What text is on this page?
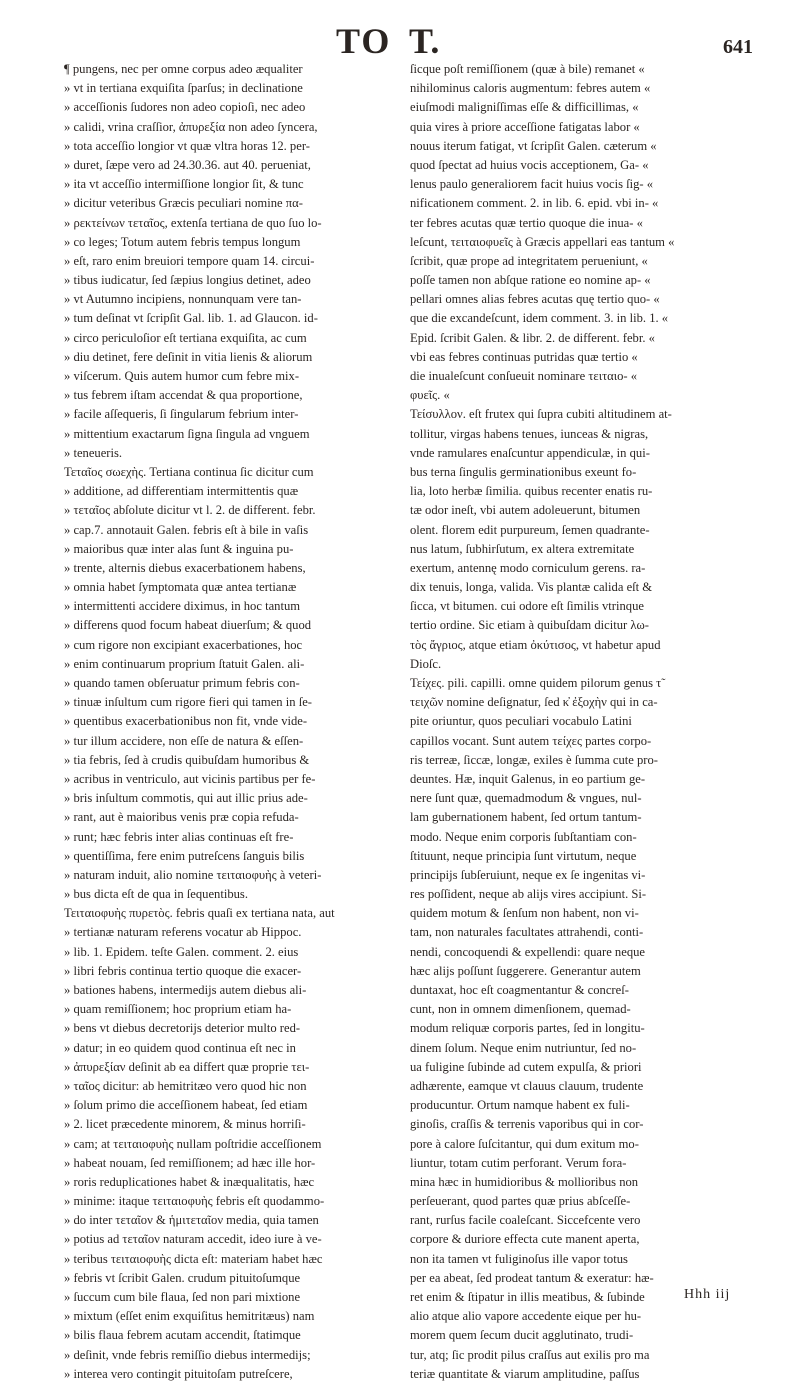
TO T.	641
¶ pungens, nec per omne corpus adeo æqualiter
» vt in tertiana exquiſita ſparſus; in declinatione
» acceſſionis ſudores non adeo copioſi, nec adeo
» calidi, vrina craſſior, ἀπυρεξία non adeo ſyncera,
» tota acceſſio longior vt quæ vltra horas 12. per-
» duret, ſæpe vero ad 24.30.36. aut 40. perueniat,
» ita vt acceſſio intermiſſione longior ſit, & tunc
» dicitur veteribus Græcis peculiari nomine πα-
» ρεκτείνων τεταῖος, extenſa tertiana de quo ſuo lo-
» co leges; Totum autem febris tempus longum
» eſt, raro enim breuiori tempore quam 14. circui-
» tibus iudicatur, ſed ſæpius longius detinet, adeo
» vt Autumno incipiens, nonnunquam vere tan-
» tum deſinat vt ſcripſit Gal. lib. 1. ad Glaucon. id-
» circo periculoſior eſt tertiana exquiſita, ac cum
» diu detinet, fere deſinit in vitia lienis & aliorum
» viſcerum. Quis autem humor cum febre mix-
» tus febrem iſtam accendat & qua proportione,
» facile aſſequeris, ſi ſingularum febrium inter-
» mittentium exactarum ſigna ſingula ad vnguem
» teneueris.
Τεταῖος σωεχὴς. Tertiana continua ſic dicitur cum
» additione, ad differentiam intermittentis quæ
» τεταῖος abſolute dicitur vt l. 2. de different. febr.
» cap.7. annotauit Galen. febris eſt à bile in vaſis
» maioribus quæ inter alas ſunt & inguina pu-
» trente, alternis diebus exacerbationem habens,
» omnia habet ſymptomata quæ antea tertianæ
» intermittenti accidere diximus, in hoc tantum
» differens quod focum habeat diuerſum; & quod
» cum rigore non excipiant exacerbationes, hoc
» enim continuarum proprium ſtatuit Galen. ali-
» quando tamen obſeruatur primum febris con-
» tinuæ inſultum cum rigore fieri qui tamen in ſe-
» quentibus exacerbationibus non fit, vnde vide-
» tur illum accidere, non eſſe de natura & eſſen-
» tia febris, ſed à crudis quibuſdam humoribus &
» acribus in ventriculo, aut vicinis partibus per fe-
» bris inſultum commotis, qui aut illic prius ade-
» rant, aut è maioribus venis præ copia refuda-
» runt; hæc febris inter alias continuas eſt fre-
» quentiſſima, fere enim putreſcens ſanguis bilis
» naturam induit, alio nomine τειταιοφυὴς à veteri-
» bus dicta eſt de qua in ſequentibus.
Τειταιοφυὴς πυρετὸς. febris quaſi ex tertiana nata, aut
» tertianæ naturam referens vocatur ab Hippoc.
» lib. 1. Epidem. teſte Galen. comment. 2. eius
» libri febris continua tertio quoque die exacer-
» bationes habens, intermedijs autem diebus ali-
» quam remiſſionem; hoc proprium etiam ha-
» bens vt diebus decretorijs deterior multo red-
» datur; in eo quidem quod continua eſt nec in
» ἀπυρεξίαν deſinit ab ea differt quæ proprie τει-
» ταῖος dicitur: ab hemitritæo vero quod hic non
» ſolum primo die acceſſionem habeat, ſed etiam
» 2. licet præcedente minorem, & minus horriſi-
» cam; at τειταιοφυὴς nullam poſtridie acceſſionem
» habeat nouam, ſed remiſſionem; ad hæc ille hor-
» roris reduplicationes habet & inæqualitatis, hæc
» minime: itaque τειταιοφυὴς febris eſt quodammo-
» do inter τεταῖον & ἡμιτεταῖον media, quia tamen
» potius ad τεταῖον naturam accedit, ideo iure à ve-
» teribus τειταιοφυὴς dicta eſt: materiam habet hæc
» febris vt ſcribit Galen. crudum pituitoſumque
» ſuccum cum bile flaua, ſed non pari mixtione
» mixtum (eſſet enim exquiſitus hemitritæus) nam
» bilis flaua febrem acutam accendit, ſtatimque
» deſinit, vnde febris remiſſio diebus intermedijs;
» interea vero contingit pituitoſam putreſcere,
ſicque poſt remiſſionem (quæ à bile) remanet «
nihilominus caloris augmentum: febres autem «
eiuſmodi maligniſſimas eſſe & difficillimas, «
quia vires à priore acceſſione fatigatas labor «
nouus iterum fatigat, vt ſcripſit Galen. cæterum «
quod ſpectat ad huius vocis acceptionem, Ga- «
lenus paulo generaliorem facit huius vocis ſig- «
nificationem comment. 2. in lib. 6. epid. vbi in- «
ter febres acutas quæ tertio quoque die inua- «
leſcunt, τειταιοφυεῖς à Græcis appellari eas tantum «
ſcribit, quæ prope ad integritatem perueniunt, «
poſſe tamen non abſque ratione eo nomine ap- «
pellari omnes alias febres acutas quę tertio quo- «
que die excandeſcunt, idem comment. 3. in lib. 1. «
Epid. ſcribit Galen. & libr. 2. de different. febr. «
vbi eas febres continuas putridas quæ tertio «
die inualeſcunt conſueuit nominare τειταιο- «
φυεῖς. «
Τείσυλλον. eſt frutex qui ſupra cubiti altitudinem at-
tollitur, virgas habens tenues, iunceas & nigras,
vnde ramulares enaſcuntur appendiculæ, in qui-
bus terna ſingulis germinationibus exeunt fo-
lia, loto herbæ ſimilia. quibus recenter enatis ru-
tæ odor ineſt, vbi autem adoleuerunt, bitumen
olent. florem edit purpureum, ſemen quadrante-
nus latum, ſubhirſutum, ex altera extremitate
exertum, antennę modo corniculum gerens. ra-
dix tenuis, longa, valida. Vis plantæ calida eſt &
ſicca, vt bitumen. cui odore eſt ſimilis vtrinque
tertio ordine. Sic etiam à quibuſdam dicitur λω-
τὸς ἄγριος, atque etiam ὀκύτισος, vt habetur apud
Dioſc.
Τείχες. pili. capilli. omne quidem pilorum genus τ̃
τειχῶν nomine deſignatur, ſed κ̓ ἐξοχὴν qui in ca-
pite oriuntur, quos peculiari vocabulo Latini
capillos vocant. Sunt autem τείχες partes corpo-
ris terreæ, ſiccæ, longæ, exiles è ſumma cute pro-
deuntes. Hæ, inquit Galenus, in eo partium ge-
nere ſunt quæ, quemadmodum & vngues, nul-
lam gubernationem habent, ſed ortum tantum-
modo. Neque enim corporis ſubſtantiam con-
ſtituunt, neque principia ſunt virtutum, neque
principijs ſubſeruiunt, neque ex ſe ingenitas vi-
res poſſident, neque ab alijs vires accipiunt. Si-
quidem motum & ſenſum non habent, non vi-
tam, non naturales facultates attrahendi, conti-
nendi, concoquendi & expellendi: quare neque
hæc alijs poſſunt ſuggerere. Generantur autem
duntaxat, hoc eſt coagmentantur & concreſ-
cunt, non in omnem dimenſionem, quemad-
modum reliquæ corporis partes, ſed in longitu-
dinem ſolum. Neque enim nutriuntur, ſed no-
ua fuligine ſubinde ad cutem expulſa, & priori
adhærente, eamque vt clauus clauum, trudente
producuntur. Ortum namque habent ex fuli-
ginoſis, craſſis & terrenis vaporibus qui in cor-
pore à calore ſuſcitantur, qui dum exitum mo-
liuntur, totam cutim perforant. Verum fora-
mina hæc in humidioribus & mollioribus non
perſeuerant, quod partes quæ prius abſceſſe-
rant, rurſus facile coaleſcant. Siccefcente vero
corpore & duriore effecta cute manent aperta,
non ita tamen vt fuliginoſus ille vapor totus
per ea abeat, ſed prodeat tantum & exeratur: hæ-
ret enim & ſtipatur in illis meatibus, & ſubinde
alio atque alio vapore accedente eique per hu-
morem quem ſecum ducit agglutinato, trudi-
tur, atq; ſic prodit pilus craſſus aut exilis pro ma
teriæ quantitate & viarum amplitudine, paſſus
Hhh iij
